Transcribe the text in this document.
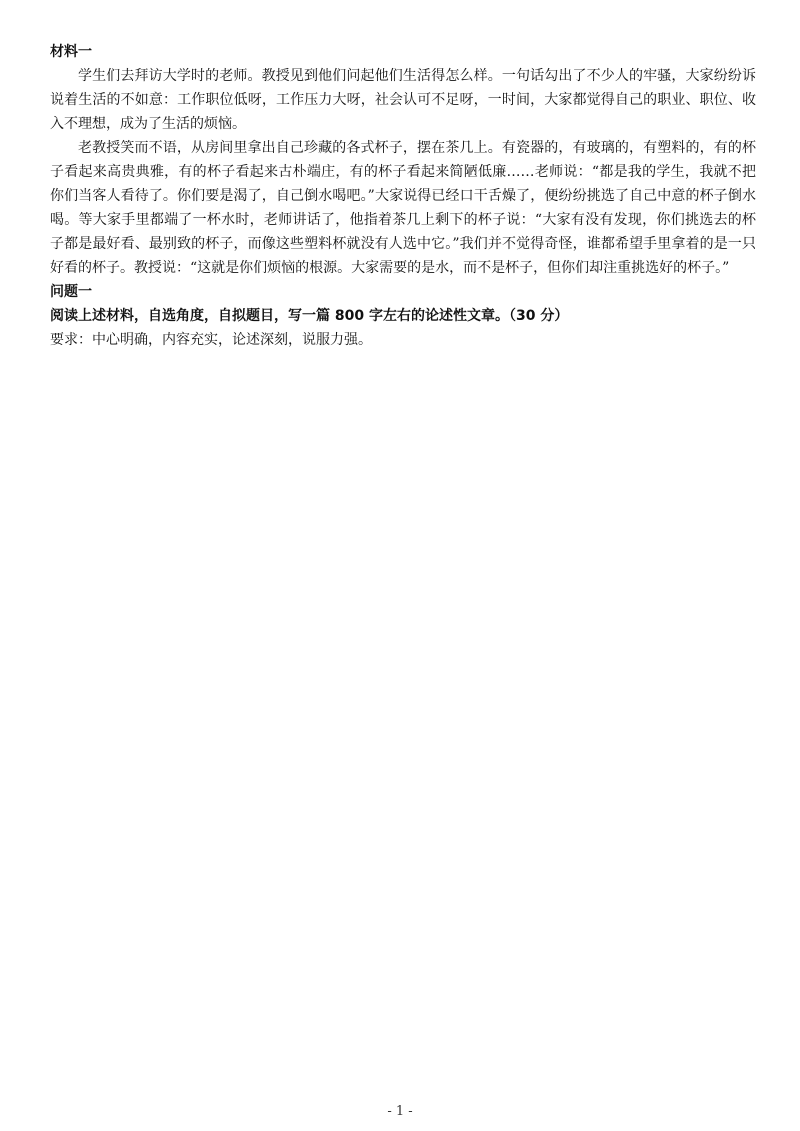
材料一

学生们去拜访大学时的老师。教授见到他们问起他们生活得怎么样。一句话勾出了不少人的牢骚，大家纷纷诉说着生活的不如意：工作职位低呀，工作压力大呀，社会认可不足呀，一时间，大家都觉得自己的职业、职位、收入不理想，成为了生活的烦恼。

老教授笑而不语，从房间里拿出自己珍藏的各式杯子，摆在茶几上。有瓷器的，有玻璃的，有塑料的，有的杯子看起来高贵典雅，有的杯子看起来古朴端庄，有的杯子看起来简陋低廉……老师说：“都是我的学生，我就不把你们当客人看待了。你们要是渴了，自己倒水喝吧。”大家说得已经口干舌燥了，便纷纷挑选了自己中意的杯子倒水喝。等大家手里都端了一杯水时，老师讲话了，他指着茶几上剩下的杯子说：“大家有没有发现，你们挑选去的杯子都是最好看、最别致的杯子，而像这些塑料杯就没有人选中它。”我们并不觉得奇怪，谁都希望手里拿着的是一只好看的杯子。教授说：“这就是你们烦恼的根源。大家需要的是水，而不是杯子，但你们却注重挑选好的杯子。”

问题一

阅读上述材料，自选角度，自拟题目，写一篇 800 字左右的论述性文章。（30 分）

要求：中心明确，内容充实，论述深刻，说服力强。

- 1 -
